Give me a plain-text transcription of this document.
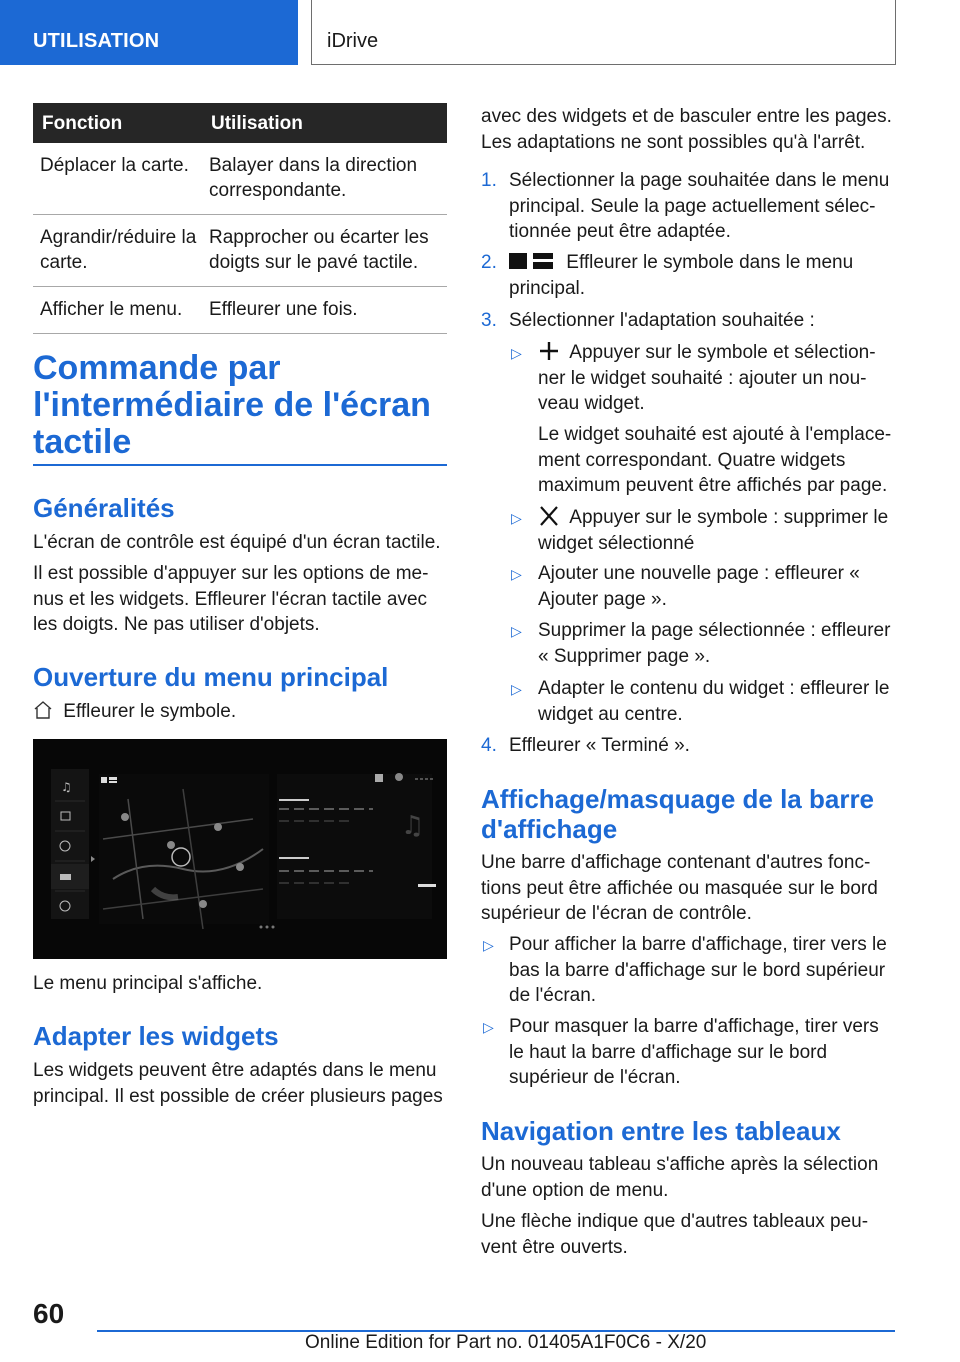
UTILISATION	iDrive
Fonction	Utilisation
Déplacer la carte.	Balayer dans la direction correspondante.
Agrandir/réduire la carte.	Rapprocher ou écarter les doigts sur le pavé tactile.
Afficher le menu.	Effleurer une fois.
Commande par l'intermédiaire de l'écran tactile
Généralités
L'écran de contrôle est équipé d'un écran tactile.
Il est possible d'appuyer sur les options de me-nus et les widgets. Effleurer l'écran tactile avec les doigts. Ne pas utiliser d'objets.
Ouverture du menu principal
Effleurer le symbole.
♫
♫
Le menu principal s'affiche.
Adapter les widgets
Les widgets peuvent être adaptés dans le menu principal. Il est possible de créer plusieurs pages
avec des widgets et de basculer entre les pages. Les adaptations ne sont possibles qu'à l'arrêt.
1. Sélectionner la page souhaitée dans le menu principal. Seule la page actuellement sélec-tionnée peut être adaptée.
2.	Effleurer le symbole dans le menu principal.
3. Sélectionner l'adaptation souhaitée :
▷	Appuyer sur le symbole et sélection-ner le widget souhaité : ajouter un nou-veau widget.
Le widget souhaité est ajouté à l'emplace-ment correspondant. Quatre widgets maximum peuvent être affichés par page.
▷	Appuyer sur le symbole : supprimer le widget sélectionné
▷ Ajouter une nouvelle page : effleurer « Ajouter page ».
▷ Supprimer la page sélectionnée : effleurer « Supprimer page ».
▷ Adapter le contenu du widget : effleurer le widget au centre.
4. Effleurer « Terminé ».
Affichage/masquage de la barre d'affichage
Une barre d'affichage contenant d'autres fonc-tions peut être affichée ou masquée sur le bord supérieur de l'écran de contrôle.
▷ Pour afficher la barre d'affichage, tirer vers le bas la barre d'affichage sur le bord supérieur de l'écran.
▷ Pour masquer la barre d'affichage, tirer vers le haut la barre d'affichage sur le bord supérieur de l'écran.
Navigation entre les tableaux
Un nouveau tableau s'affiche après la sélection d'une option de menu.
Une flèche indique que d'autres tableaux peu-vent être ouverts.
60
Online Edition for Part no. 01405A1F0C6 - X/20
